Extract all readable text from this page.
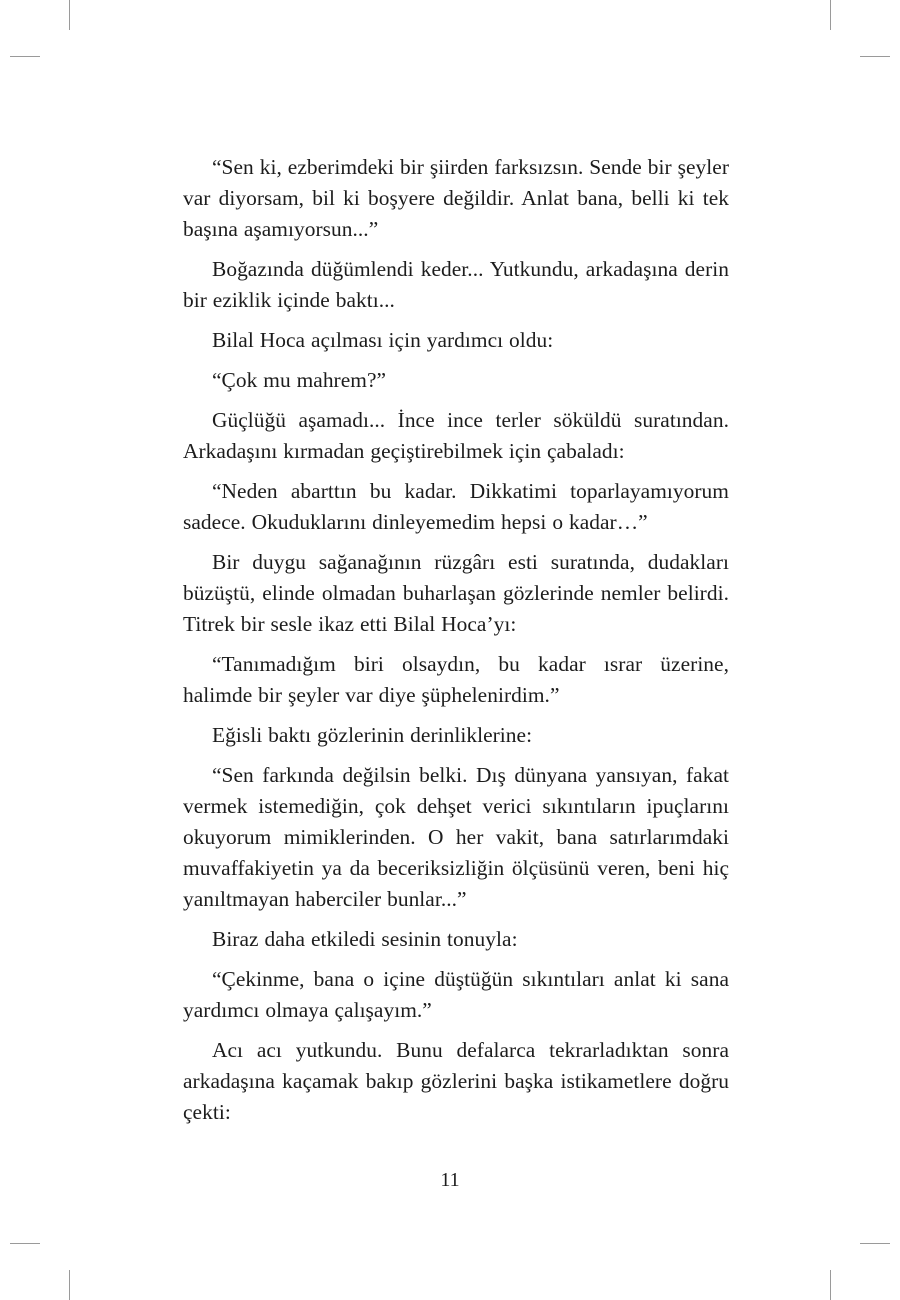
“Sen ki, ezberimdeki bir şiirden farksızsın. Sende bir şeyler var diyorsam, bil ki boşyere değildir. Anlat bana, belli ki tek başına aşamıyorsun...”

Boğazında düğümlendi keder... Yutkundu, arkadaşına derin bir eziklik içinde baktı...

Bilal Hoca açılması için yardımcı oldu:

“Çok mu mahrem?”

Güçlüğü aşamadı... İnce ince terler söküldü suratından. Arkadaşını kırmadan geçiştirebilmek için çabaladı:

“Neden abarttın bu kadar. Dikkatimi toparlayamıyorum sadece. Okuduklarını dinleyemedim hepsi o kadar…”

Bir duygu sağanağının rüzgârı esti suratında, dudakları büzüştü, elinde olmadan buharlaşan gözlerinde nemler belirdi. Titrek bir sesle ikaz etti Bilal Hoca’yı:

“Tanımadığım biri olsaydın, bu kadar ısrar üzerine, halimde bir şeyler var diye şüphelenirdim.”

Eğisli baktı gözlerinin derinliklerine:

“Sen farkında değilsin belki. Dış dünyana yansıyan, fakat vermek istemediğin, çok dehşet verici sıkıntıların ipuçlarını okuyorum mimiklerinden. O her vakit, bana satırlarımdaki muvaffakiyetin ya da beceriksizliğin ölçüsünü veren, beni hiç yanıltmayan haberciler bunlar...”

Biraz daha etkiledi sesinin tonuyla:

“Çekinme, bana o içine düştüğün sıkıntıları anlat ki sana yardımcı olmaya çalışayım.”

Acı acı yutkundu. Bunu defalarca tekrarladıktan sonra arkadaşına kaçamak bakıp gözlerini başka istikametlere doğru çekti:

11
